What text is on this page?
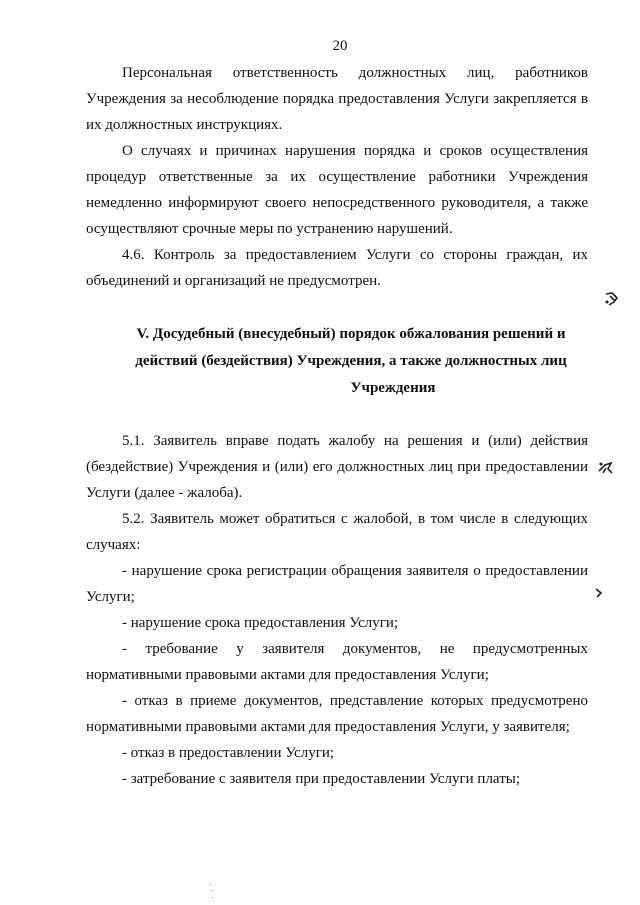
20

Персональная ответственность должностных лиц, работников Учреждения за несоблюдение порядка предоставления Услуги закрепляется в их должностных инструкциях.

О случаях и причинах нарушения порядка и сроков осуществления процедур ответственные за их осуществление работники Учреждения немедленно информируют своего непосредственного руководителя, а также осуществляют срочные меры по устранению нарушений.

4.6. Контроль за предоставлением Услуги со стороны граждан, их объединений и организаций не предусмотрен.

V. Досудебный (внесудебный) порядок обжалования решений и
действий (бездействия) Учреждения, а также должностных лиц
Учреждения

5.1. Заявитель вправе подать жалобу на решения и (или) действия (бездействие) Учреждения и (или) его должностных лиц при предоставлении Услуги (далее - жалоба).

5.2. Заявитель может обратиться с жалобой, в том числе в следующих случаях:

- нарушение срока регистрации обращения заявителя о предоставлении Услуги;

- нарушение срока предоставления Услуги;

- требование у заявителя документов, не предусмотренных нормативными правовыми актами для предоставления Услуги;

- отказ в приеме документов, представление которых предусмотрено нормативными правовыми актами для предоставления Услуги, у заявителя;

- отказ в предоставлении Услуги;

- затребование с заявителя при предоставлении Услуги платы;
